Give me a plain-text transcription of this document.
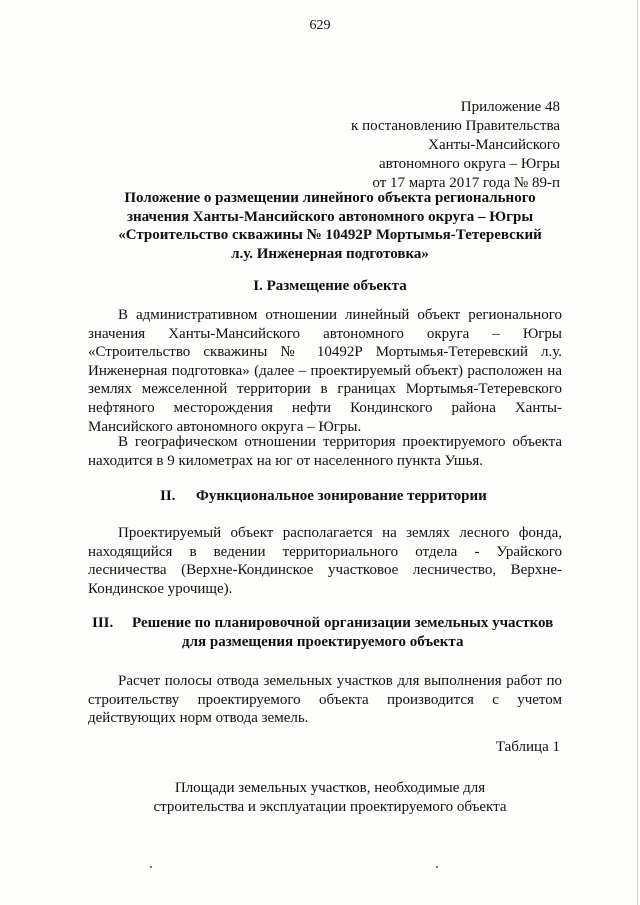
629
Приложение 48
к постановлению Правительства
Ханты-Мансийского
автономного округа – Югры
от 17 марта 2017 года № 89-п
Положение о размещении линейного объекта регионального
значения Ханты-Мансийского автономного округа – Югры
«Строительство скважины № 10492Р Мортымья-Тетеревский
л.у. Инженерная подготовка»
I. Размещение объекта

В административном отношении линейный объект регионального значения Ханты-Мансийского автономного округа – Югры «Строительство скважины № 10492Р Мортымья-Тетеревский л.у. Инженерная подготовка» (далее – проектируемый объект) расположен на землях межселенной территории в границах Мортымья-Тетеревского нефтяного месторождения нефти Кондинского района Ханты-Мансийского автономного округа – Югры.

В географическом отношении территория проектируемого объекта находится в 9 километрах на юг от населенного пункта Ушья.

II. Функциональное зонирование территории

Проектируемый объект располагается на землях лесного фонда, находящийся в ведении территориального отдела - Урайского лесничества (Верхне-Кондинское участковое лесничество, Верхне-Кондинское урочище).

III. Решение по планировочной организации земельных участков
для размещения проектируемого объекта

Расчет полосы отвода земельных участков для выполнения работ по строительству проектируемого объекта производится с учетом действующих норм отвода земель.

Таблица 1
Площади земельных участков, необходимые для
строительства и эксплуатации проектируемого объекта
